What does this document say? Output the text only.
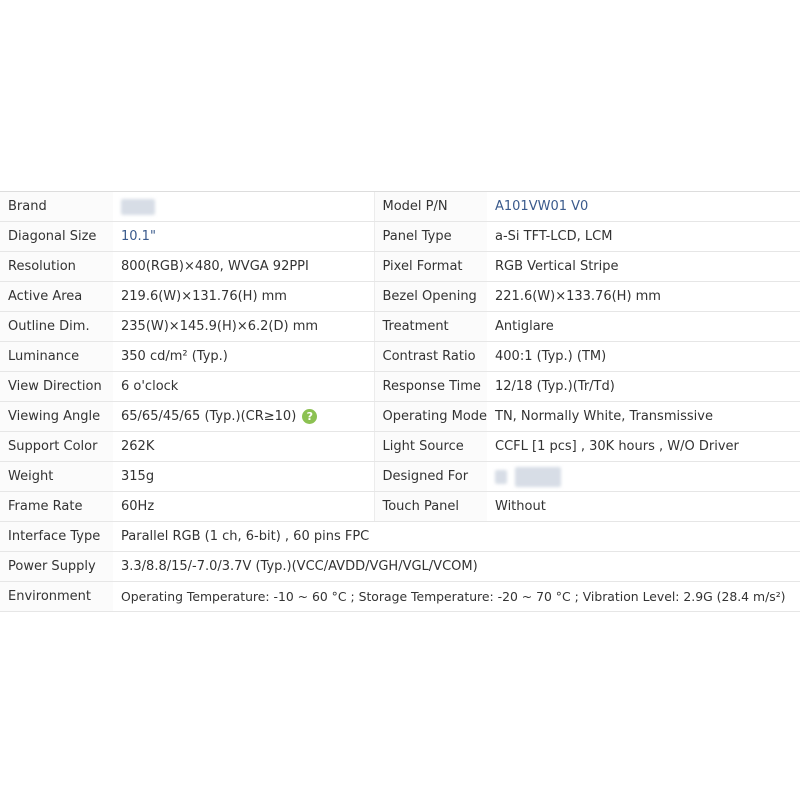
Brand		Model P/N	A101VW01 V0
Diagonal Size	10.1"	Panel Type	a-Si TFT-LCD, LCM
Resolution	800(RGB)×480, WVGA 92PPI	Pixel Format	RGB Vertical Stripe
Active Area	219.6(W)×131.76(H) mm	Bezel Opening	221.6(W)×133.76(H) mm
Outline Dim.	235(W)×145.9(H)×6.2(D) mm	Treatment	Antiglare
Luminance	350 cd/m² (Typ.)	Contrast Ratio	400:1 (Typ.) (TM)
View Direction	6 o'clock	Response Time	12/18 (Typ.)(Tr/Td)
Viewing Angle	65/65/45/65 (Typ.)(CR≥10) ?	Operating Mode	TN, Normally White, Transmissive
Support Color	262K	Light Source	CCFL [1 pcs] , 30K hours , W/O Driver
Weight	315g	Designed For	
Frame Rate	60Hz	Touch Panel	Without
Interface Type	Parallel RGB (1 ch, 6-bit) , 60 pins FPC		
Power Supply	3.3/8.8/15/-7.0/3.7V (Typ.)(VCC/AVDD/VGH/VGL/VCOM)		
Environment	Operating Temperature: -10 ~ 60 °C ; Storage Temperature: -20 ~ 70 °C ; Vibration Level: 2.9G (28.4 m/s²)		
